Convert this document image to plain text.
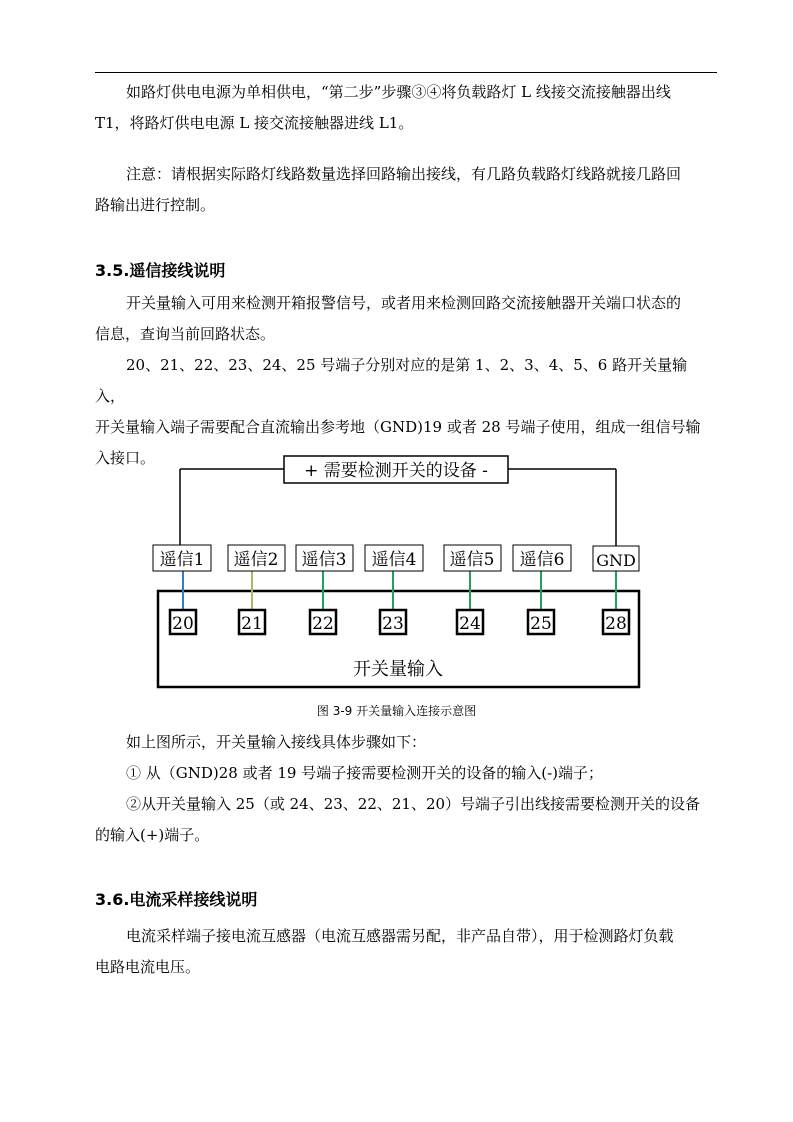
如路灯供电电源为单相供电，“第二步”步骤③④将负载路灯 L 线接交流接触器出线
T1，将路灯供电电源 L 接交流接触器进线 L1。

注意：请根据实际路灯线路数量选择回路输出接线，有几路负载路灯线路就接几路回
路输出进行控制。

3.5.遥信接线说明

开关量输入可用来检测开箱报警信号，或者用来检测回路交流接触器开关端口状态的
信息，查询当前回路状态。

20、21、22、23、24、25 号端子分别对应的是第 1、2、3、4、5、6 路开关量输入，
开关量输入端子需要配合直流输出参考地（GND)19 或者 28 号端子使用，组成一组信号输
入接口。

+ 需要检测开关的设备 -
开关量输入
遥信1
20
遥信2
21
遥信3
22
遥信4
23
遥信5
24
遥信6
25
GND
28
图 3-9 开关量输入连接示意图

如上图所示，开关量输入接线具体步骤如下：

① 从（GND)28 或者 19 号端子接需要检测开关的设备的输入(-)端子；

②从开关量输入 25（或 24、23、22、21、20）号端子引出线接需要检测开关的设备
的输入(+)端子。

3.6.电流采样接线说明

电流采样端子接电流互感器（电流互感器需另配，非产品自带），用于检测路灯负载
电路电流电压。
